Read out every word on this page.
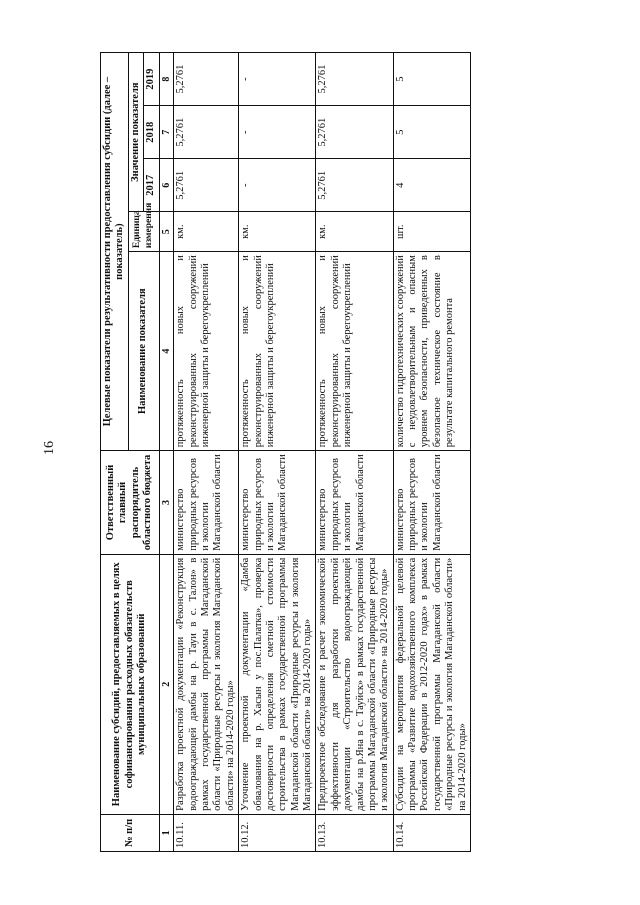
16
№ п/п	Наименование субсидий, предоставляемых в целях софинансирования расходных обязательств муниципальных образований	Ответственный главный распорядитель областного бюджета	Целевые показатели результативности предоставления субсидии (далее – показатель)				
			Наименование показателя	Единица измерения	Значение показателя		
					2017	2018	2019
1	2	3	4	5	6	7	8
10.11.	Разработка проектной документации «Реконструкция водоограждающей дамбы на р. Тауи в с. Талон» в рамках государственной программы Магаданской области «Природные ресурсы и экология Магаданской области» на 2014-2020 годы»	министерство природных ресурсов и экологии Магаданской области	протяженность новых и реконструированных сооружений инженерной защиты и берегоукреплений	км.	5,2761	5,2761	5,2761
10.12.	Уточнение проектной документации «Дамба обвалования на р. Хасын у пос.Палатка», проверка достоверности определения сметной стоимости строительства в рамках государственной программы Магаданской области «Природные ресурсы и экология Магаданской области» на 2014-2020 годы»	министерство природных ресурсов и экологии Магаданской области	протяженность новых и реконструированных сооружений инженерной защиты и берегоукреплений	км.	-	-	-
10.13.	Предпроектное обследование и расчет экономической эффективности для разработки проектной документации «Строительство водоограждающей дамбы на р.Яна в с. Тауйск» в рамках государственной программы Магаданской области «Природные ресурсы и экология Магаданской области» на 2014-2020 годы»	министерство природных ресурсов и экологии Магаданской области	протяженность новых и реконструированных сооружений инженерной защиты и берегоукреплений	км.	5,2761	5,2761	5,2761
10.14.	Субсидии на мероприятия федеральной целевой программы «Развитие водохозяйственного комплекса Российской Федерации в 2012-2020 годах» в рамках государственной программы Магаданской области «Природные ресурсы и экология Магаданской области» на 2014-2020 годы»	министерство природных ресурсов и экологии Магаданской области	количество гидротехнических сооружений с неудовлетворительным и опасным уровнем безопасности, приведенных в безопасное техническое состояние в результате капитального ремонта	шт.	4	5	5
